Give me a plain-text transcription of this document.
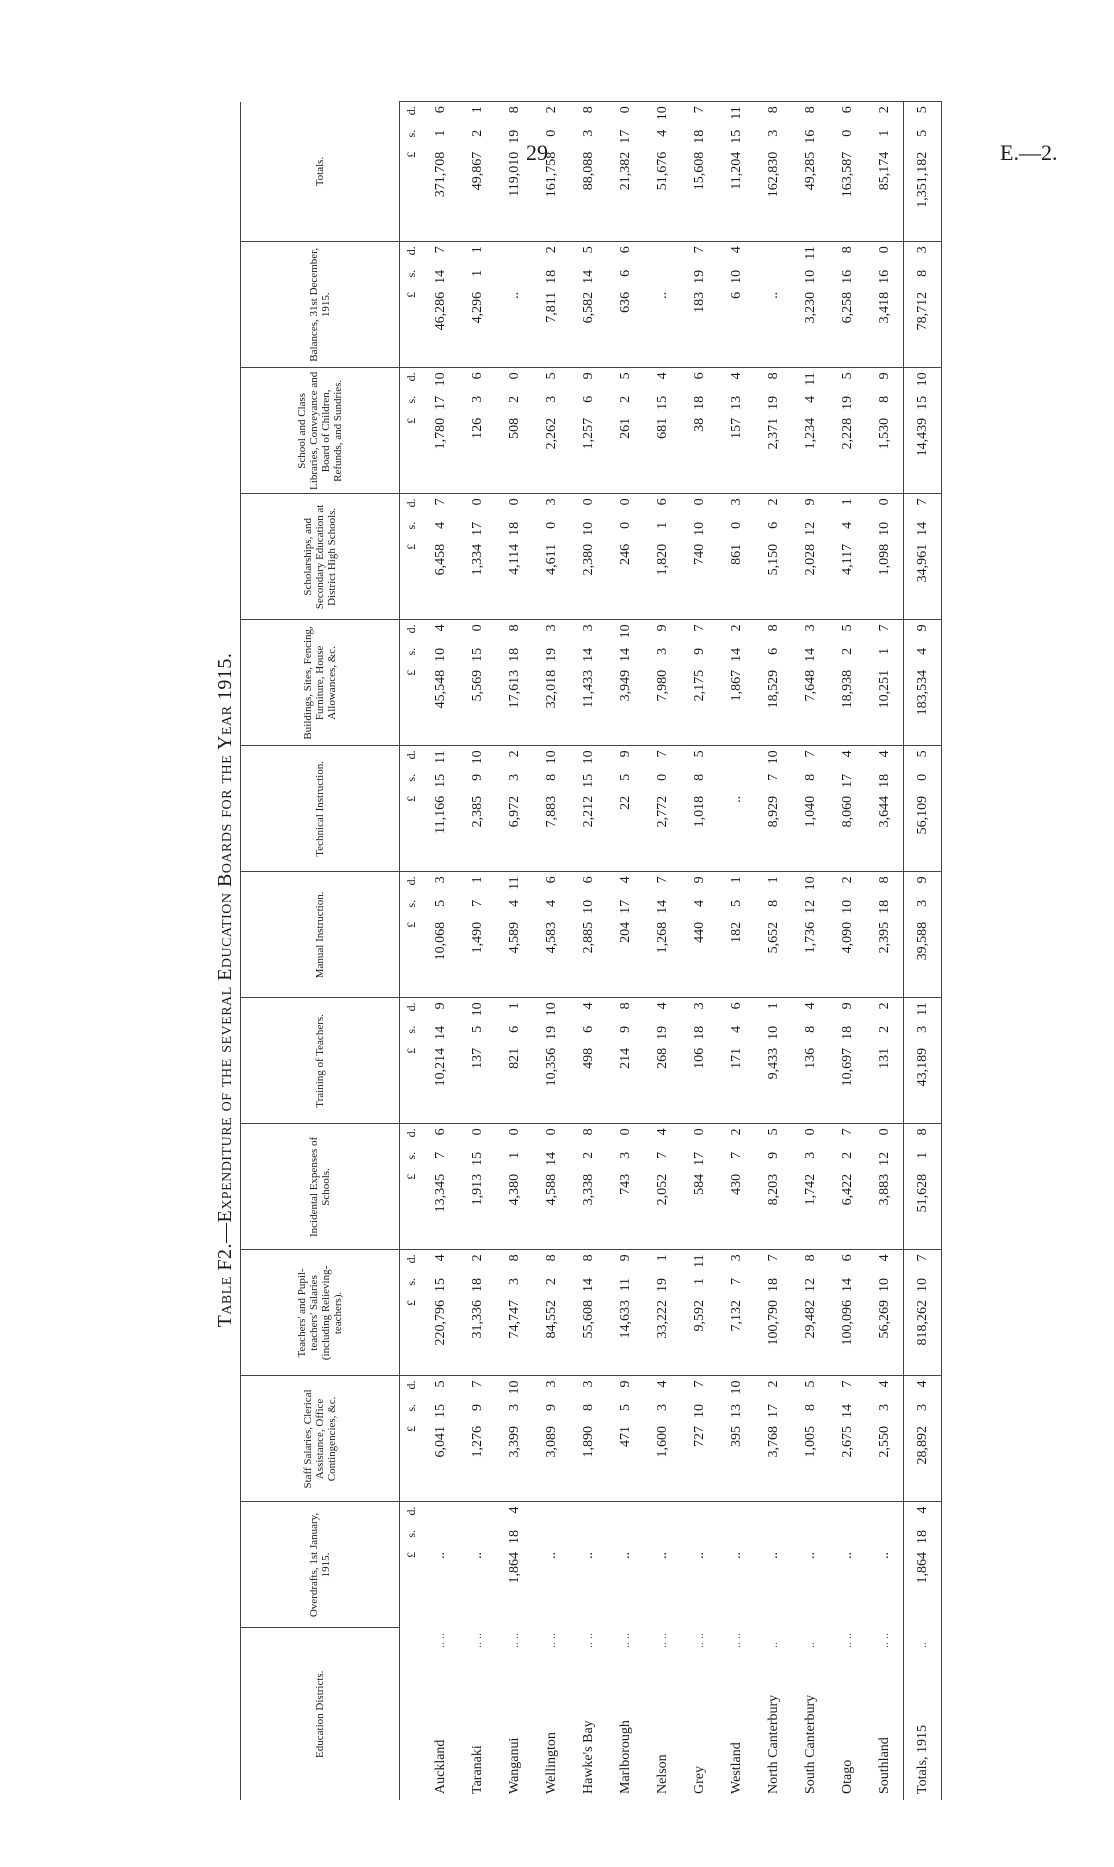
29	E.—2.
Table F2.—Expenditure of the several Education Boards for the Year 1915.
Education Districts.		Overdrafts, 1st January, 1915.			Staff Salaries, Clerical Assistance, Office Contingencies, &c.			Teachers' and Pupil-teachers' Salaries (including Relieving-teachers).			Incidental Expenses of Schools.			Training of Teachers.			Manual Instruction.			Technical Instruction.			Buildings, Sites, Fencing, Furniture, House Allowances, &c.			Scholarships, and Secondary Education at District High Schools.			School and Class Libraries, Conveyance and Board of Children, Refunds, and Sundries.			Balances, 31st December, 1915.			Totals.		
		£	s.	d.	£	s.	d.	£	s.	d.	£	s.	d.	£	s.	d.	£	s.	d.	£	s.	d.	£	s.	d.	£	s.	d.	£	s.	d.	£	s.	d.	£	s.	d.
Auckland	.. ..	..			6,041	15	5	220,796	15	4	13,345	7	6	10,214	14	9	10,068	5	3	11,166	15	11	45,548	10	4	6,458	4	7	1,780	17	10	46,286	14	7	371,708	1	6
Taranaki	.. ..	..			1,276	9	7	31,336	18	2	1,913	15	0	137	5	10	1,490	7	1	2,385	9	10	5,569	15	0	1,334	17	0	126	3	6	4,296	1	1	49,867	2	1
Wanganui	.. ..	1,864	18	4	3,399	3	10	74,747	3	8	4,380	1	0	821	6	1	4,589	4	11	6,972	3	2	17,613	18	8	4,114	18	0	508	2	0	..			119,010	19	8
Wellington	.. ..	..			3,089	9	3	84,552	2	8	4,588	14	0	10,356	19	10	4,583	4	6	7,883	8	10	32,018	19	3	4,611	0	3	2,262	3	5	7,811	18	2	161,758	0	2
Hawke's Bay	.. ..	..			1,890	8	3	55,608	14	8	3,338	2	8	498	6	4	2,885	10	6	2,212	15	10	11,433	14	3	2,380	10	0	1,257	6	9	6,582	14	5	88,088	3	8
Marlborough	.. ..	..			471	5	9	14,633	11	9	743	3	0	214	9	8	204	17	4	22	5	9	3,949	14	10	246	0	0	261	2	5	636	6	6	21,382	17	0
Nelson	.. ..	..			1,600	3	4	33,222	19	1	2,052	7	4	268	19	4	1,268	14	7	2,772	0	7	7,980	3	9	1,820	1	6	681	15	4	..			51,676	4	10
Grey	.. ..	..			727	10	7	9,592	1	11	584	17	0	106	18	3	440	4	9	1,018	8	5	2,175	9	7	740	10	0	38	18	6	183	19	7	15,608	18	7
Westland	.. ..	..			395	13	10	7,132	7	3	430	7	2	171	4	6	182	5	1	..			1,867	14	2	861	0	3	157	13	4	6	10	4	11,204	15	11
North Canterbury	..	..			3,768	17	2	100,790	18	7	8,203	9	5	9,433	10	1	5,652	8	1	8,929	7	10	18,529	6	8	5,150	6	2	2,371	19	8	..			162,830	3	8
South Canterbury	..	..			1,005	8	5	29,482	12	8	1,742	3	0	136	8	4	1,736	12	10	1,040	8	7	7,648	14	3	2,028	12	9	1,234	4	11	3,230	10	11	49,285	16	8
Otago	.. ..	..			2,675	14	7	100,096	14	6	6,422	2	7	10,697	18	9	4,090	10	2	8,060	17	4	18,938	2	5	4,117	4	1	2,228	19	5	6,258	16	8	163,587	0	6
Southland	.. ..	..			2,550	3	4	56,269	10	4	3,883	12	0	131	2	2	2,395	18	8	3,644	18	4	10,251	1	7	1,098	10	0	1,530	8	9	3,418	16	0	85,174	1	2
Totals, 1915	..	1,864	18	4	28,892	3	4	818,262	10	7	51,628	1	8	43,189	3	11	39,588	3	9	56,109	0	5	183,534	4	9	34,961	14	7	14,439	15	10	78,712	8	3	1,351,182	5	5
